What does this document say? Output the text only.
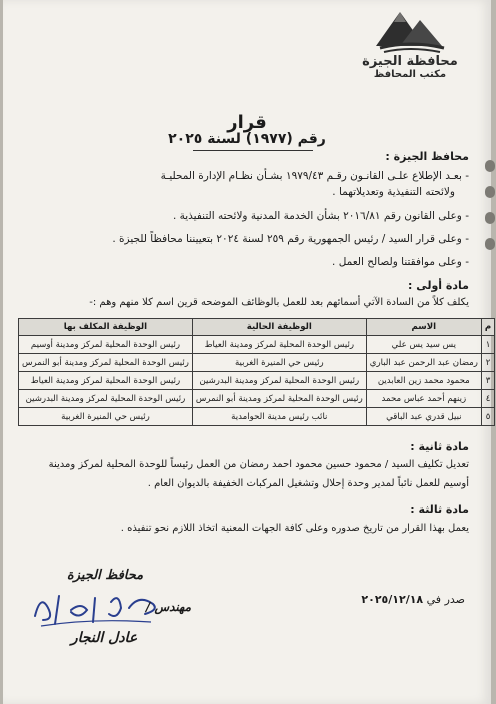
محافظة الجيزة
مكتب المحافظ
قرار
رقم (١٩٧٧) لسنة ٢٠٢٥
محافظ الجيزة :
- بعـد الإطلاع علـى القانـون رقـم ١٩٧٩/٤٣ بشـأن نظـام الإدارة المحليـة
ولائحته التنفيذية وتعديلاتهما .
- وعلى القانون رقم ٢٠١٦/٨١ بشأن الخدمة المدنية ولائحته التنفيذية .
- وعلى قرار السيد / رئيس الجمهورية رقم ٢٥٩ لسنة ٢٠٢٤ بتعييننا محافظاً للجيزة .
- وعلى موافقتنا ولصالح العمل .
مادة أولى :
يكلف كلاً من السادة الآتي أسمائهم بعد للعمل بالوظائف الموضحه قرين اسم كلا منهم وهم :-
م	الاسم	الوظيفة الحالية	الوظيفة المكلف بها
١	يس سيد يس علي	رئيس الوحدة المحلية لمركز ومدينة العياط	رئيس الوحدة المحلية لمركز ومدينة أوسيم
٢	رمضان عبد الرحمن عبد الباري	رئيس حي المنيرة الغربية	رئيس الوحدة المحلية لمركز ومدينة أبو النمرس
٣	محمود محمد زين العابدين	رئيس الوحدة المحلية لمركز ومدينة البدرشين	رئيس الوحدة المحلية لمركز ومدينة العياط
٤	زينهم أحمد عباس محمد	رئيس الوحدة المحلية لمركز ومدينة أبو النمرس	رئيس الوحدة المحلية لمركز ومدينة البدرشين
٥	نبيل قدري عبد الباقي	نائب رئيس مدينة الحوامدية	رئيس حي المنيرة الغربية
مادة ثانية :
تعديل تكليف السيد / محمود حسين محمود احمد رمضان من العمل رئيساً للوحدة المحلية لمركز ومدينة
أوسيم للعمل نائباً لمدير وحدة إحلال وتشغيل المركبات الخفيفة بالديوان العام .
مادة ثالثة :
يعمل بهذا القرار من تاريخ صدوره وعلى كافة الجهات المعنية اتخاذ اللازم نحو تنفيذه .
صدر في ٢٠٢٥/١٢/١٨
محافظ الجيزة
مهندس /
عادل النجار
